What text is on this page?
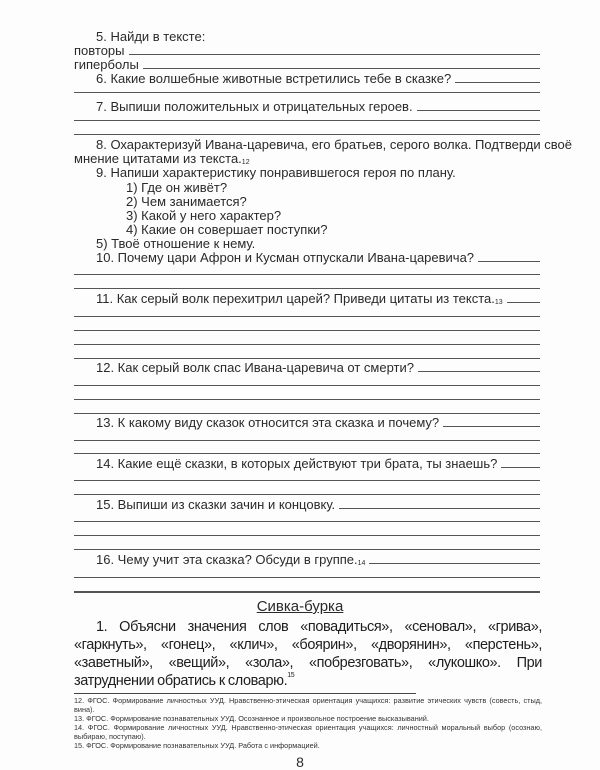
5. Найди в тексте:
повторы
гиперболы
6. Какие волшебные животные встретились тебе в сказке?
7. Выпиши положительных и отрицательных героев.
8. Охарактеризуй Ивана-царевича, его братьев, серого волка. Подтверди своё
мнение цитатами из $текста._{12}$
9. Напиши характеристику понравившегося героя по плану.
1) Где он живёт?
2) Чем занимается?
3) Какой у него характер?
4) Какие он совершает поступки?
5) Твоё отношение к нему.
10. Почему цари Афрон и Кусман отпускали Ивана-царевича?
11. Как серый волк перехитрил царей? Приведи цитаты из $текста._{13}$
12. Как серый волк спас Ивана-царевича от смерти?
13. К какому виду сказок относится эта сказка и почему?
14. Какие ещё сказки, в которых действуют три брата, ты знаешь?
15. Выпиши из сказки зачин и концовку.
16. Чему учит эта сказка? Обсуди в $группе._{14}$
Сивка-бурка
1. Объясни значения слов «повадиться», «сеновал», «грива», «гаркнуть», «гонец», «клич», «боярин», «дворянин», «перстень», «заветный», «вещий», «зола», «побрезговать», «лукошко». При затруднении обратись к словарю.$^{15}$
12. ФГОС. Формирование личностных УУД. Нравственно-этическая ориентация учащихся: развитие этических чувств (совесть, стыд, вина).
13. ФГОС. Формирование познавательных УУД. Осознанное и произвольное построение высказываний.
14. ФГОС. Формирование личностных УУД. Нравственно-этическая ориентация учащихся: личностный моральный выбор (осознаю, выбираю, поступаю).
15. ФГОС. Формирование познавательных УУД. Работа с информацией.
8
